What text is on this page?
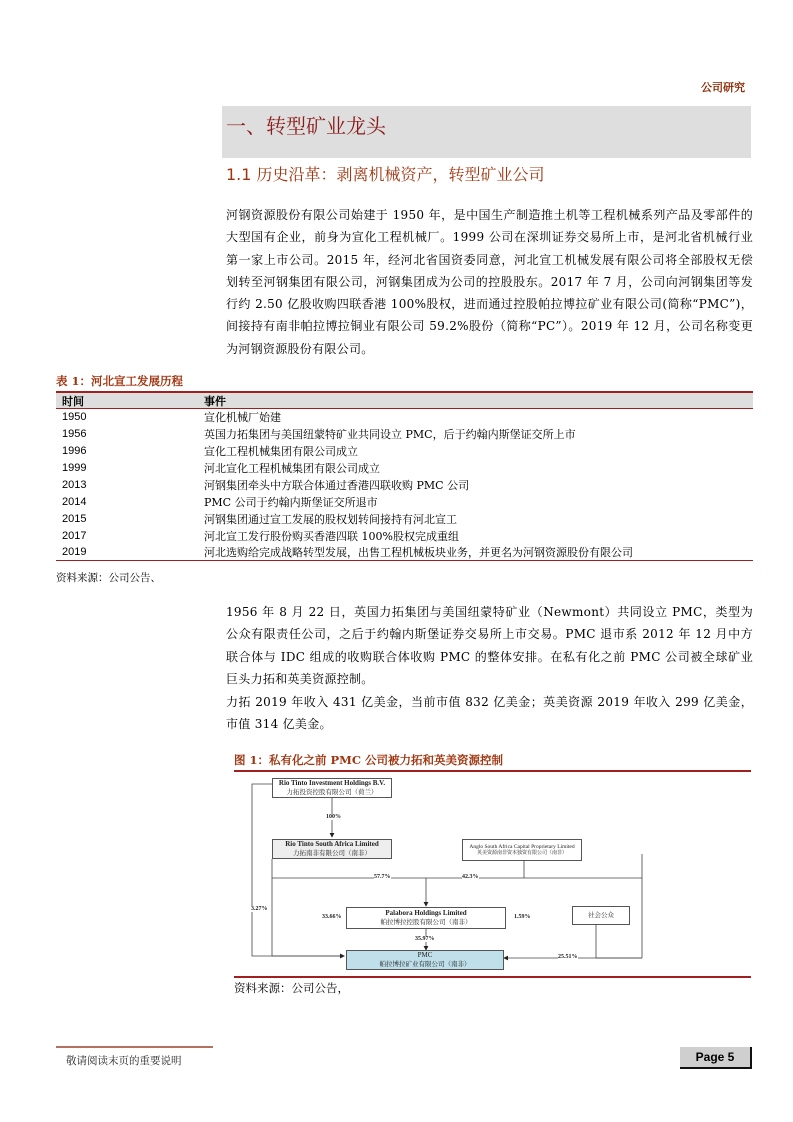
公司研究
一、转型矿业龙头
1.1 历史沿革：剥离机械资产，转型矿业公司
河钢资源股份有限公司始建于 1950 年，是中国生产制造推土机等工程机械系列产品及零部件的大型国有企业，前身为宣化工程机械厂。1999 公司在深圳证券交易所上市，是河北省机械行业第一家上市公司。2015 年，经河北省国资委同意，河北宣工机械发展有限公司将全部股权无偿划转至河钢集团有限公司，河钢集团成为公司的控股股东。2017 年 7 月，公司向河钢集团等发行约 2.50 亿股收购四联香港 100%股权，进而通过控股帕拉博拉矿业有限公司(简称“PMC”)，间接持有南非帕拉博拉铜业有限公司 59.2%股份（简称“PC”）。2019 年 12 月，公司名称变更为河钢资源股份有限公司。
表 1：河北宣工发展历程
时间	事件
1950	宣化机械厂始建
1956	英国力拓集团与美国纽蒙特矿业共同设立 PMC，后于约翰内斯堡证交所上市
1996	宣化工程机械集团有限公司成立
1999	河北宣化工程机械集团有限公司成立
2013	河钢集团牵头中方联合体通过香港四联收购 PMC 公司
2014	PMC 公司于约翰内斯堡证交所退市
2015	河钢集团通过宣工发展的股权划转间接持有河北宣工
2017	河北宣工发行股份购买香港四联 100%股权完成重组
2019	河北选购给完成战略转型发展，出售工程机械板块业务，并更名为河钢资源股份有限公司
资料来源：公司公告、
1956 年 8 月 22 日，英国力拓集团与美国纽蒙特矿业（Newmont）共同设立 PMC，类型为公众有限责任公司，之后于约翰内斯堡证券交易所上市交易。PMC 退市系 2012 年 12 月中方联合体与 IDC 组成的收购联合体收购 PMC 的整体安排。在私有化之前 PMC 公司被全球矿业巨头力拓和英美资源控制。
力拓 2019 年收入 431 亿美金，当前市值 832 亿美金；英美资源 2019 年收入 299 亿美金，市值 314 亿美金。
图 1：私有化之前 PMC 公司被力拓和英美资源控制
Rio Tinto Investment Holdings B.V.
力拓投资控股有限公司（荷兰）
Rio Tinto South Africa Limited
力拓南非有限公司（南非）
Anglo South Africa Capital Proprietary Limited
英美资源南非资本独资有限公司（南非）
Palabora Holdings Limited
帕拉博拉控股有限公司（南非）
社会公众
PMC
帕拉博拉矿业有限公司（南非）
100%
57.7%	42.3%
3.27%
33.66%	1.59%
35.97%
25.51%
资料来源：公司公告，
敬请阅读末页的重要说明	Page 5
